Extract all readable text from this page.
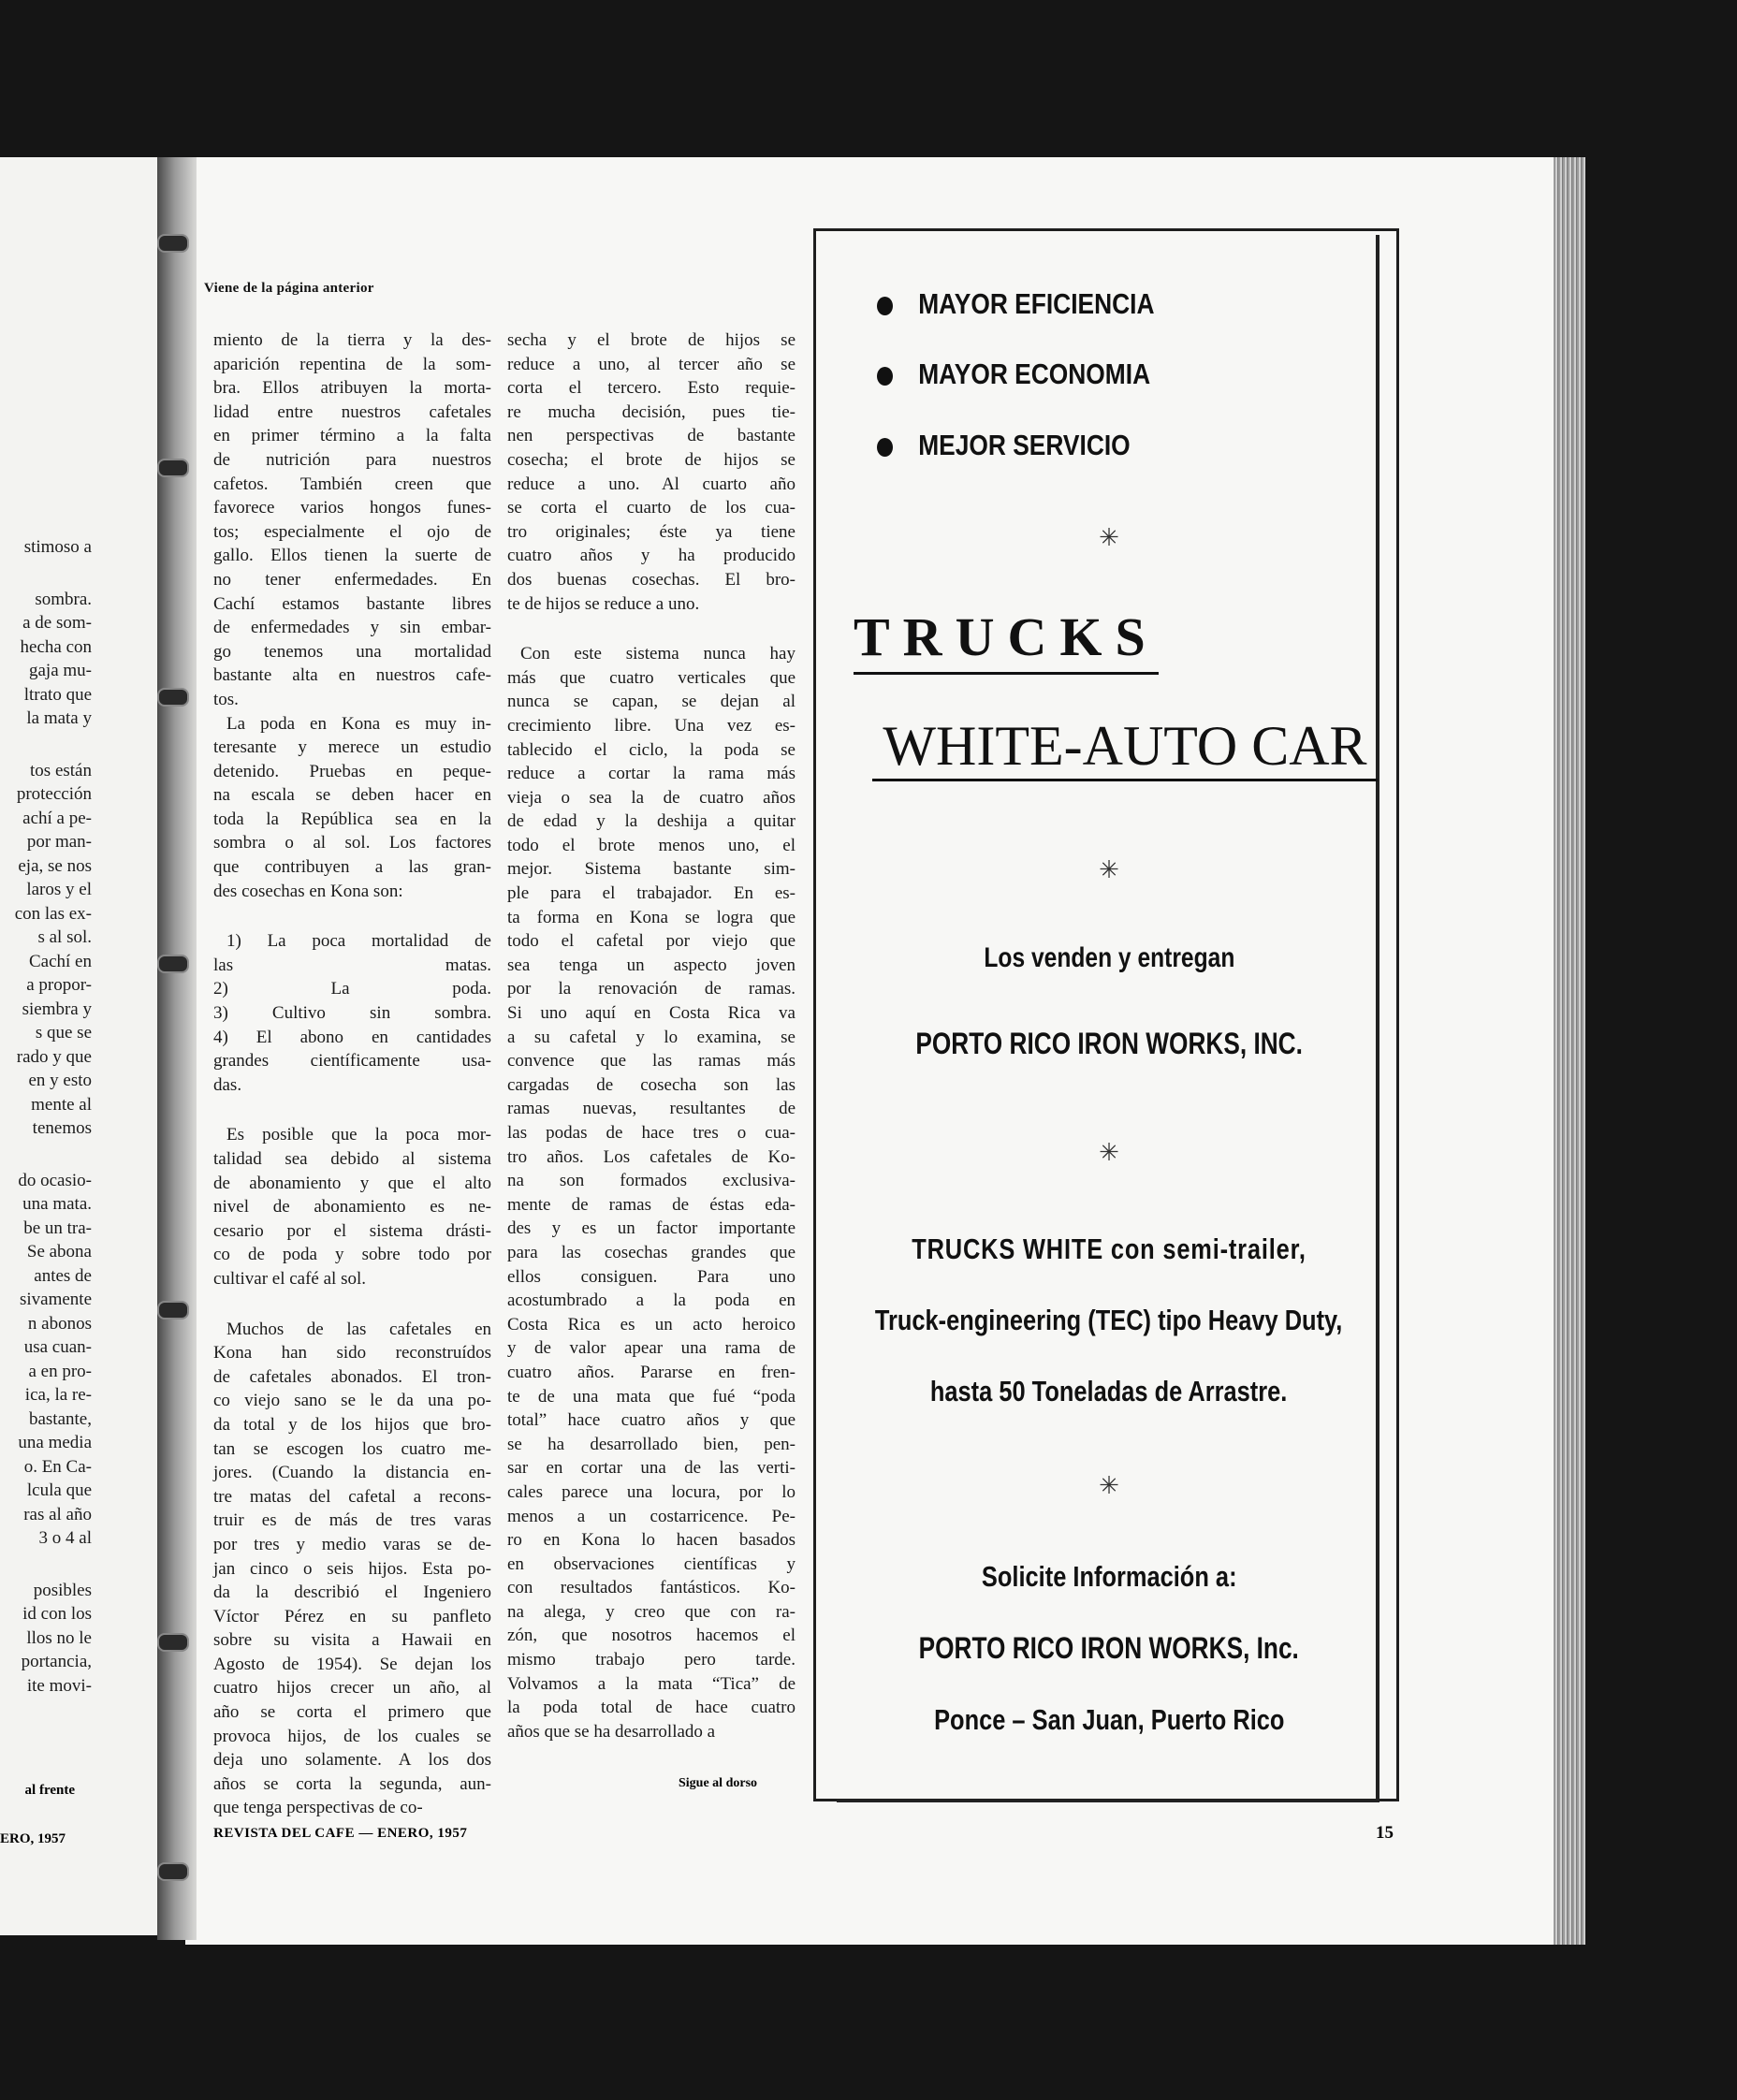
stimoso a

sombra.

a de som-

hecha con

gaja mu-

ltrato que

la mata y

tos están

protección

achí a pe-

por man-

eja, se nos

laros y el

con las ex-

s al sol.

Cachí en

a propor-

siembra y

s que se

rado y que

en y esto

mente al

tenemos

do ocasio-

una mata.

be un tra-

Se abona

antes de

sivamente

n abonos

usa cuan-

a en pro-

ica, la re-

bastante,

una media

o. En Ca-

lcula que

ras al año

3 o 4 al

posibles

id con los

llos no le

portancia,

ite movi-

al frente
ERO, 1957
Viene de la página anterior

miento de la tierra y la des-

aparición repentina de la som-

bra. Ellos atribuyen la morta-

lidad entre nuestros cafetales

en primer término a la falta

de nutrición para nuestros

cafetos. También creen que

favorece varios hongos funes-

tos; especialmente el ojo de

gallo. Ellos tienen la suerte de

no tener enfermedades. En

Cachí estamos bastante libres

de enfermedades y sin embar-

go tenemos una mortalidad

bastante alta en nuestros cafe-

tos.

La poda en Kona es muy in-

teresante y merece un estudio

detenido. Pruebas en peque-

na escala se deben hacer en

toda la República sea en la

sombra o al sol. Los factores

que contribuyen a las gran-

des cosechas en Kona son:

1) La poca mortalidad de

las matas.

2) La poda.

3) Cultivo sin sombra.

4) El abono en cantidades

grandes científicamente usa-

das.

Es posible que la poca mor-

talidad sea debido al sistema

de abonamiento y que el alto

nivel de abonamiento es ne-

cesario por el sistema drásti-

co de poda y sobre todo por

cultivar el café al sol.

Muchos de las cafetales en

Kona han sido reconstruídos

de cafetales abonados. El tron-

co viejo sano se le da una po-

da total y de los hijos que bro-

tan se escogen los cuatro me-

jores. (Cuando la distancia en-

tre matas del cafetal a recons-

truir es de más de tres varas

por tres y medio varas se de-

jan cinco o seis hijos. Esta po-

da la describió el Ingeniero

Víctor Pérez en su panfleto

sobre su visita a Hawaii en

Agosto de 1954). Se dejan los

cuatro hijos crecer un año, al

año se corta el primero que

provoca hijos, de los cuales se

deja uno solamente. A los dos

años se corta la segunda, aun-

que tenga perspectivas de co-

secha y el brote de hijos se

reduce a uno, al tercer año se

corta el tercero. Esto requie-

re mucha decisión, pues tie-

nen perspectivas de bastante

cosecha; el brote de hijos se

reduce a uno. Al cuarto año

se corta el cuarto de los cua-

tro originales; éste ya tiene

cuatro años y ha producido

dos buenas cosechas. El bro-

te de hijos se reduce a uno.

Con este sistema nunca hay

más que cuatro verticales que

nunca se capan, se dejan al

crecimiento libre. Una vez es-

tablecido el ciclo, la poda se

reduce a cortar la rama más

vieja o sea la de cuatro años

de edad y la deshija a quitar

todo el brote menos uno, el

mejor. Sistema bastante sim-

ple para el trabajador. En es-

ta forma en Kona se logra que

todo el cafetal por viejo que

sea tenga un aspecto joven

por la renovación de ramas.

Si uno aquí en Costa Rica va

a su cafetal y lo examina, se

convence que las ramas más

cargadas de cosecha son las

ramas nuevas, resultantes de

las podas de hace tres o cua-

tro años. Los cafetales de Ko-

na son formados exclusiva-

mente de ramas de éstas eda-

des y es un factor importante

para las cosechas grandes que

ellos consiguen. Para uno

acostumbrado a la poda en

Costa Rica es un acto heroico

y de valor apear una rama de

cuatro años. Pararse en fren-

te de una mata que fué “poda

total” hace cuatro años y que

se ha desarrollado bien, pen-

sar en cortar una de las verti-

cales parece una locura, por lo

menos a un costarricence. Pe-

ro en Kona lo hacen basados

en observaciones científicas y

con resultados fantásticos. Ko-

na alega, y creo que con ra-

zón, que nosotros hacemos el

mismo trabajo pero tarde.

Volvamos a la mata “Tica” de

la poda total de hace cuatro

años que se ha desarrollado a

Sigue al dorso
REVISTA DEL CAFE — ENERO, 1957	15
MAYOR EFICIENCIA
MAYOR ECONOMIA
MEJOR SERVICIO
✳
TRUCKS
WHITE-AUTO CAR
✳
Los venden y entregan
PORTO RICO IRON WORKS, INC.
✳
TRUCKS WHITE con semi-trailer,
Truck-engineering (TEC) tipo Heavy Duty,
hasta 50 Toneladas de Arrastre.
✳
Solicite Información a:
PORTO RICO IRON WORKS, Inc.
Ponce – San Juan, Puerto Rico
